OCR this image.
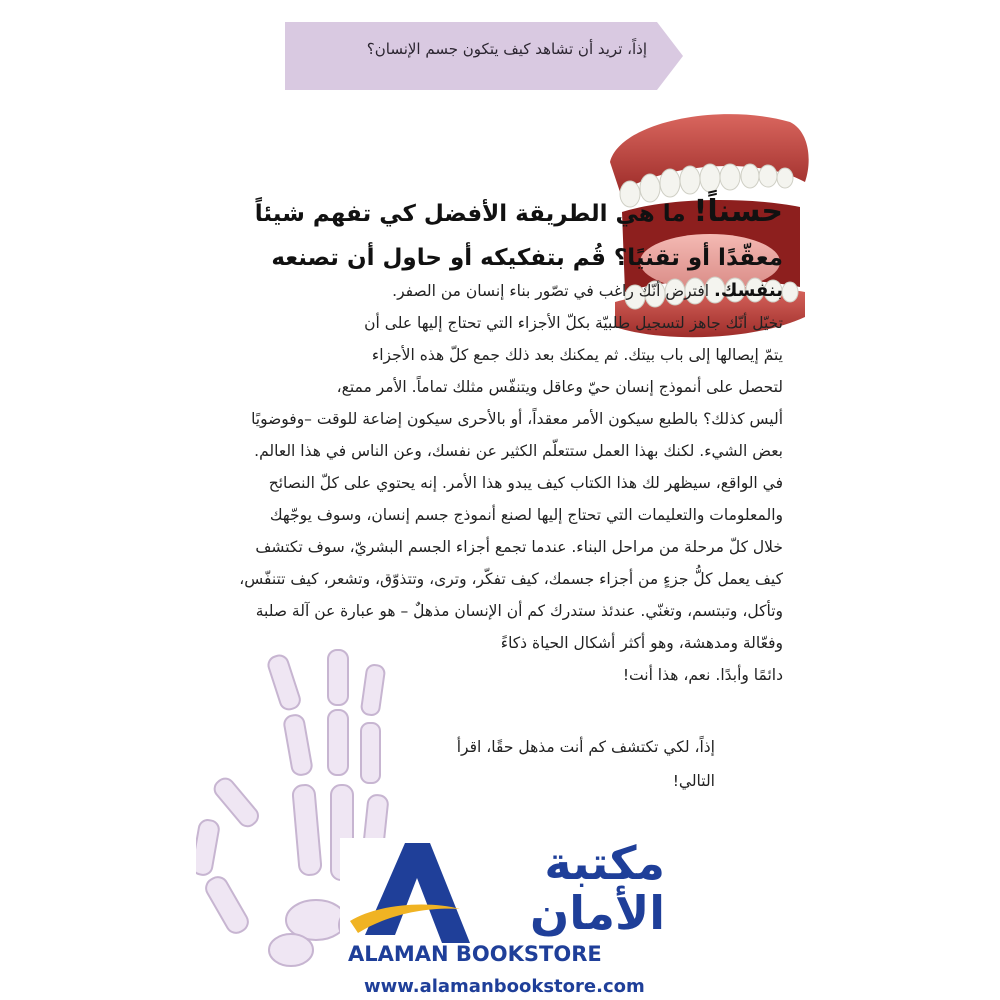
إذاً، تريد أن تشاهد كيف يتكون جسم الإنسان؟
حسناً! ما هي الطريقة الأفضل كي تفهم شيئاً
معقّدًا أو تقنيًا؟ قُم بتفكيكه أو حاول أن تصنعه
بنفسك. افترض أنّك راغب في تصّور بناء إنسان من الصفر.
تخيّل أنّك جاهز لتسجيل طلبيّة بكلّ الأجزاء التي تحتاج إليها على أن
يتمّ إيصالها إلى باب بيتك. ثم يمكنك بعد ذلك جمع كلّ هذه الأجزاء
لتحصل على أنموذج إنسان حيّ وعاقل ويتنفّس مثلك تماماً. الأمر ممتع،
أليس كذلك؟ بالطبع سيكون الأمر معقداً، أو بالأحرى سيكون إضاعة للوقت –وفوضويًا
بعض الشيء. لكنك بهذا العمل ستتعلّم الكثير عن نفسك، وعن الناس في هذا العالم.
في الواقع، سيظهر لك هذا الكتاب كيف يبدو هذا الأمر. إنه يحتوي على كلّ النصائح
والمعلومات والتعليمات التي تحتاج إليها لصنع أنموذج جسم إنسان، وسوف يوجّهك
خلال كلّ مرحلة من مراحل البناء. عندما تجمع أجزاء الجسم البشريّ، سوف تكتشف
كيف يعمل كلُّ جزءٍ من أجزاء جسمك، كيف تفكّر، وترى، وتتذوّق، وتشعر، كيف تتنفّس،
وتأكل، وتبتسم، وتغنّي. عندئذ ستدرك كم أن الإنسان مذهلٌ – هو عبارة عن آلة صلبة
وفعّالة ومدهشة، وهو أكثر أشكال الحياة ذكاءً
دائمًا وأبدًا. نعم، هذا أنت!
إذاً، لكي تكتشف كم أنت مذهل حقًا، اقرأ
التالي!
مكتبة
الأمان
ALAMAN BOOKSTORE
www.alamanbookstore.com
